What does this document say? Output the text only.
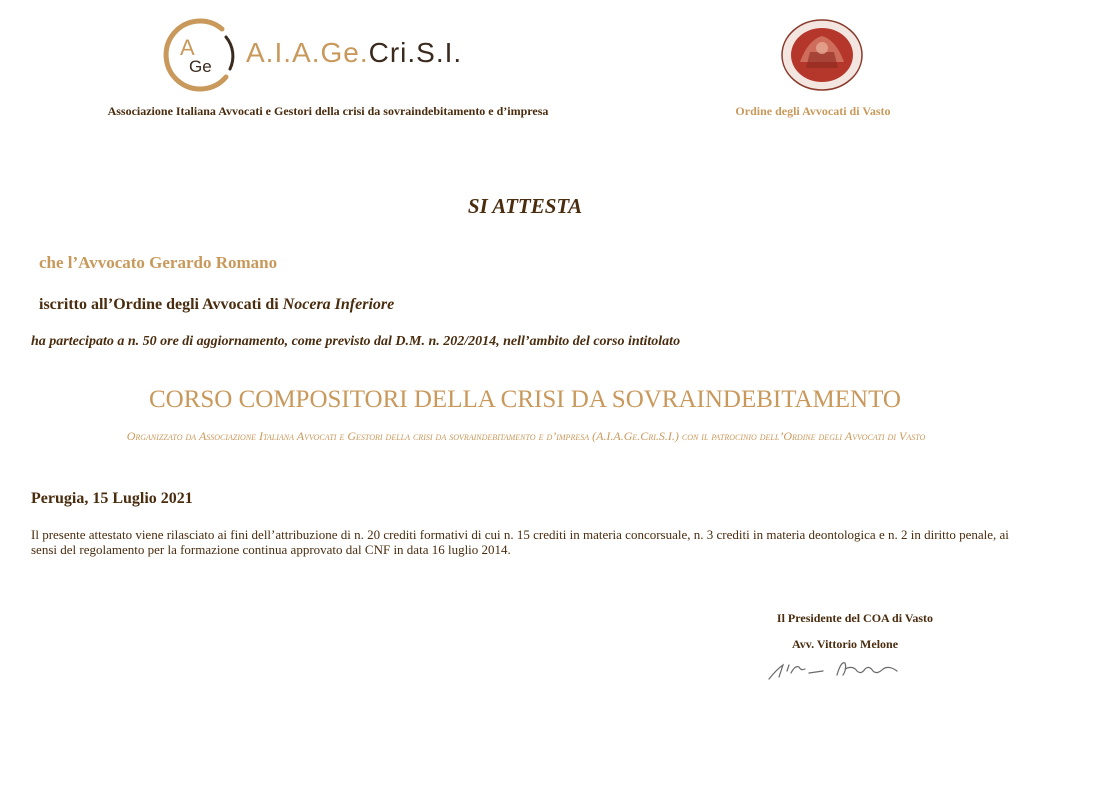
A
Ge A.I.A.Ge.Cri.S.I.
Associazione Italiana Avvocati e Gestori della crisi da sovraindebitamento e d’impresa	Ordine degli Avvocati di Vasto
SI ATTESTA
che l’Avvocato Gerardo Romano
iscritto all’Ordine degli Avvocati di Nocera Inferiore
ha partecipato a n. 50 ore di aggiornamento, come previsto dal D.M. n. 202/2014, nell’ambito del corso intitolato
CORSO COMPOSITORI DELLA CRISI DA SOVRAINDEBITAMENTO
Organizzato da Associazione Italiana Avvocati e Gestori della crisi da sovraindebitamento e d’impresa (A.I.A.Ge.Cri.S.I.) con il patrocinio dell’Ordine degli Avvocati di Vasto
Perugia, 15 Luglio 2021
Il presente attestato viene rilasciato ai fini dell’attribuzione di n. 20 crediti formativi di cui n. 15 crediti in materia concorsuale, n. 3 crediti in materia deontologica e n. 2 in diritto penale, ai sensi del regolamento per la formazione continua approvato dal CNF in data 16 luglio 2014.
Il Presidente del COA di Vasto
Avv. Vittorio Melone
